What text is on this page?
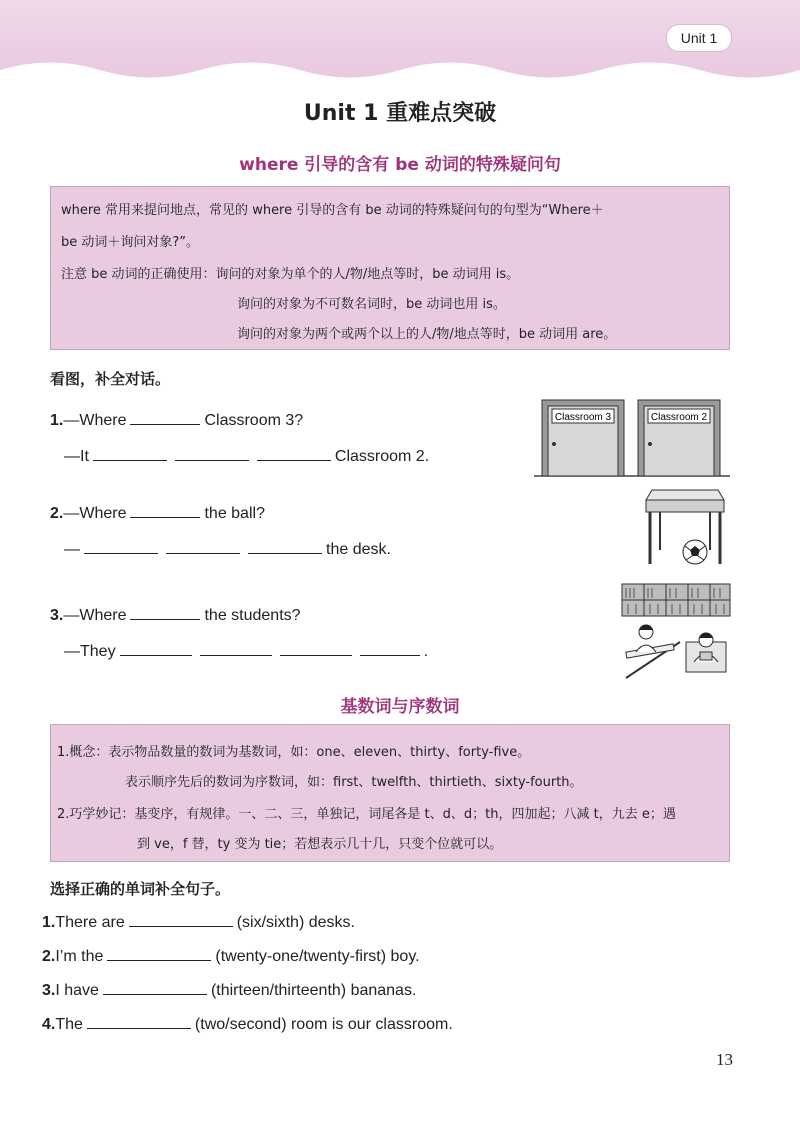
Unit 1
Unit 1 重难点突破
where 引导的含有 be 动词的特殊疑问句
where 常用来提问地点，常见的 where 引导的含有 be 动词的特殊疑问句的句型为“Where＋
be 动词＋询问对象?”。
注意 be 动词的正确使用：询问的对象为单个的人/物/地点等时，be 动词用 is。
询问的对象为不可数名词时，be 动词也用 is。
询问的对象为两个或两个以上的人/物/地点等时，be 动词用 are。
看图，补全对话。
1.—Where	Classroom 3?
—It	Classroom 2.
Classroom 3	Classroom 2
2.—Where	the ball?
—	the desk.
3.—Where	the students?
—They	.
基数词与序数词
1.概念：表示物品数量的数词为基数词，如：one、eleven、thirty、forty-five。
表示顺序先后的数词为序数词，如：first、twelfth、thirtieth、sixty-fourth。
2.巧学妙记：基变序，有规律。一、二、三，单独记，词尾各是 t、d、d；th，四加起；八减 t，九去 e；遇
到 ve，f 替，ty 变为 tie；若想表示几十几，只变个位就可以。
选择正确的单词补全句子。
1.There are	(six/sixth) desks.
2.I’m the	(twenty-one/twenty-first) boy.
3.I have	(thirteen/thirteenth) bananas.
4.The	(two/second) room is our classroom.
13
